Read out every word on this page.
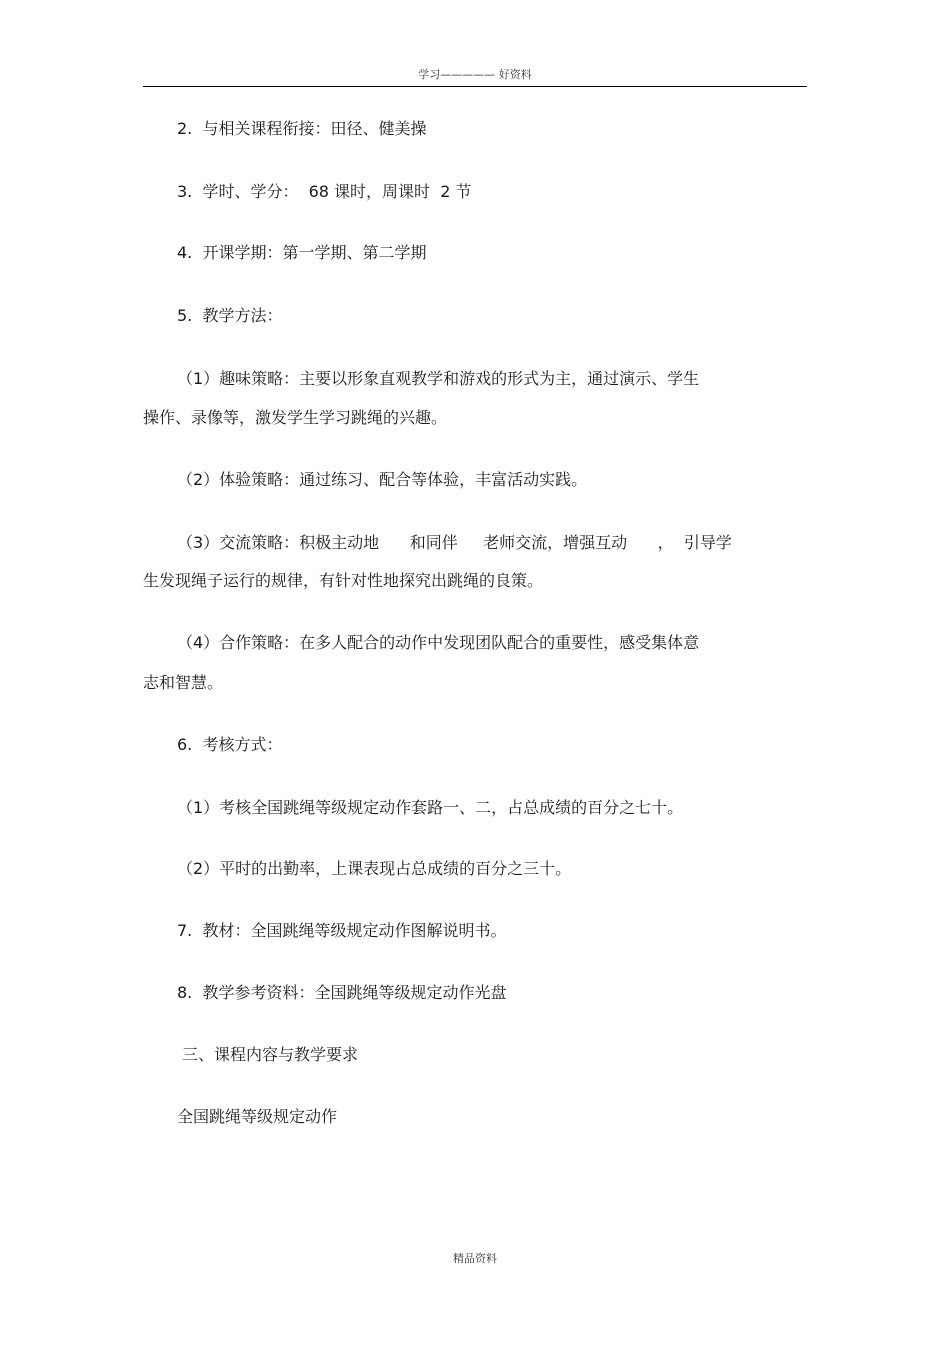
学习————— 好资料
2.  与相关课程衔接：田径、健美操
3.  学时、学分：  68 课时，周课时  2 节
4.  开课学期：第一学期、第二学期
5.  教学方法：
（1）趣味策略：主要以形象直观教学和游戏的形式为主，通过演示、学生
操作、录像等，激发学生学习跳绳的兴趣。
（2）体验策略：通过练习、配合等体验，丰富活动实践。
（3）交流策略：积极主动地      和同伴     老师交流，增强互动      ，  引导学
生发现绳子运行的规律，有针对性地探究出跳绳的良策。
（4）合作策略：在多人配合的动作中发现团队配合的重要性，感受集体意
志和智慧。
6.  考核方式：
（1）考核全国跳绳等级规定动作套路一、二，占总成绩的百分之七十。
（2）平时的出勤率，上课表现占总成绩的百分之三十。
7.  教材：全国跳绳等级规定动作图解说明书。
8.  教学参考资料：全国跳绳等级规定动作光盘
三、课程内容与教学要求
全国跳绳等级规定动作
精品资料
